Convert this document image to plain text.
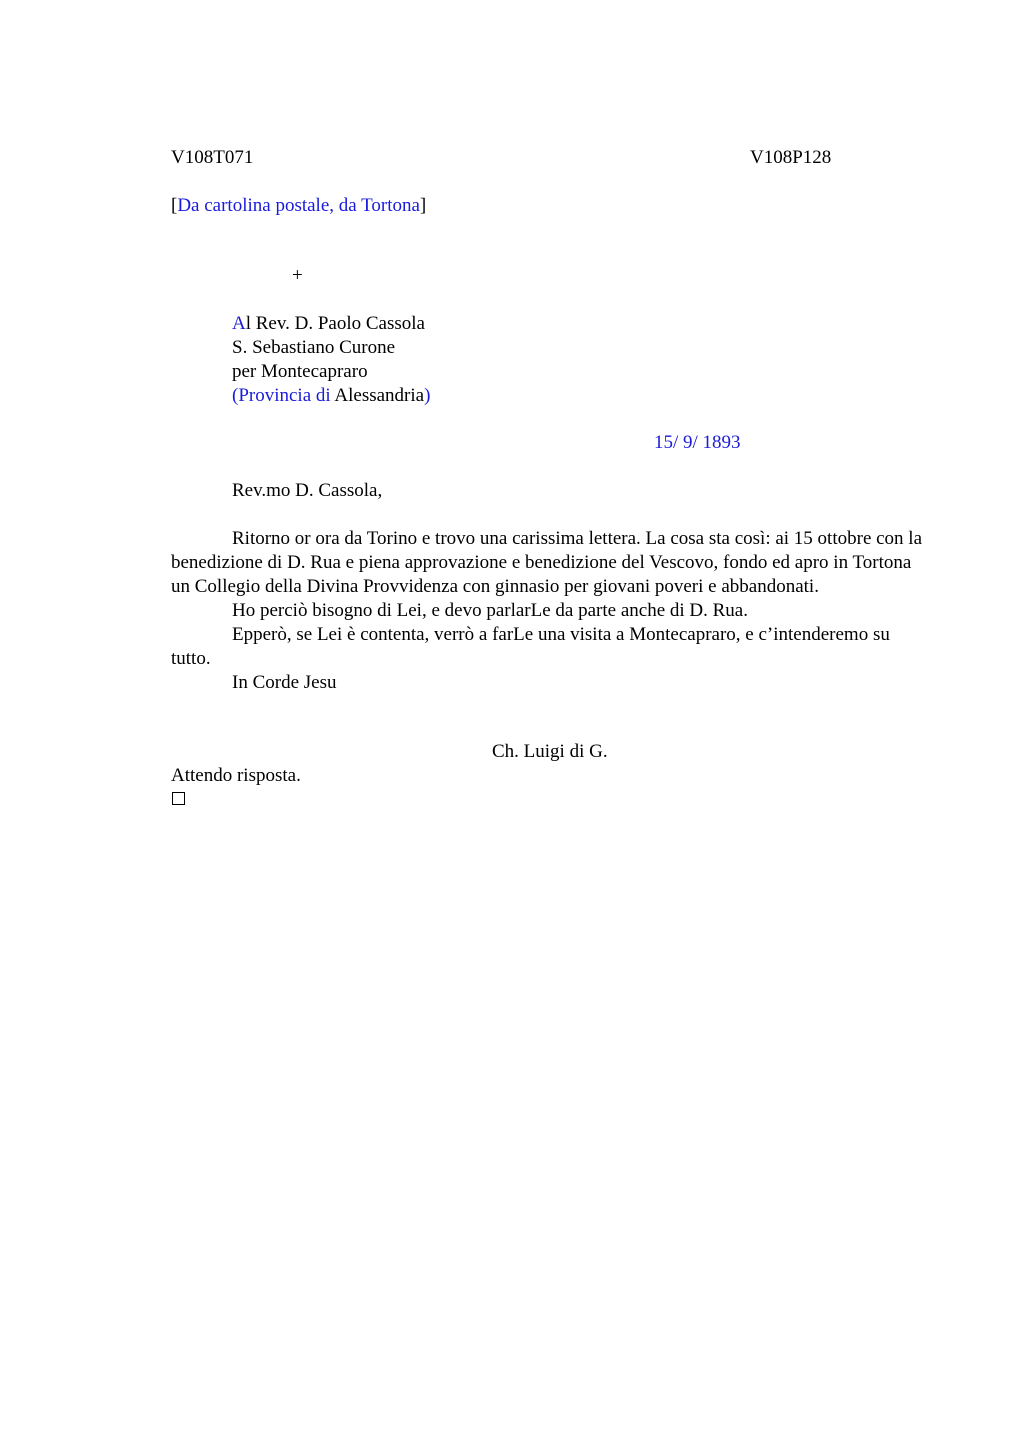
V108T071	V108P128
[Da cartolina postale, da Tortona]
+
Al Rev. D. Paolo Cassola
S. Sebastiano Curone
per Montecapraro
(Provincia di Alessandria)
15/ 9/ 1893
Rev.mo D. Cassola,

Ritorno or ora da Torino e trovo una carissima lettera. La cosa sta così: ai 15 ottobre con la benedizione di D. Rua e piena approvazione e benedizione del Vescovo, fondo ed apro in Tortona un Collegio della Divina Provvidenza con ginnasio per giovani poveri e abbandonati.

Ho perciò bisogno di Lei, e devo parlarLe da parte anche di D. Rua.

Epperò, se Lei è contenta, verrò a farLe una visita a Montecapraro, e c’intenderemo su tutto.

In Corde Jesu

Ch. Luigi di G.
Attendo risposta.
